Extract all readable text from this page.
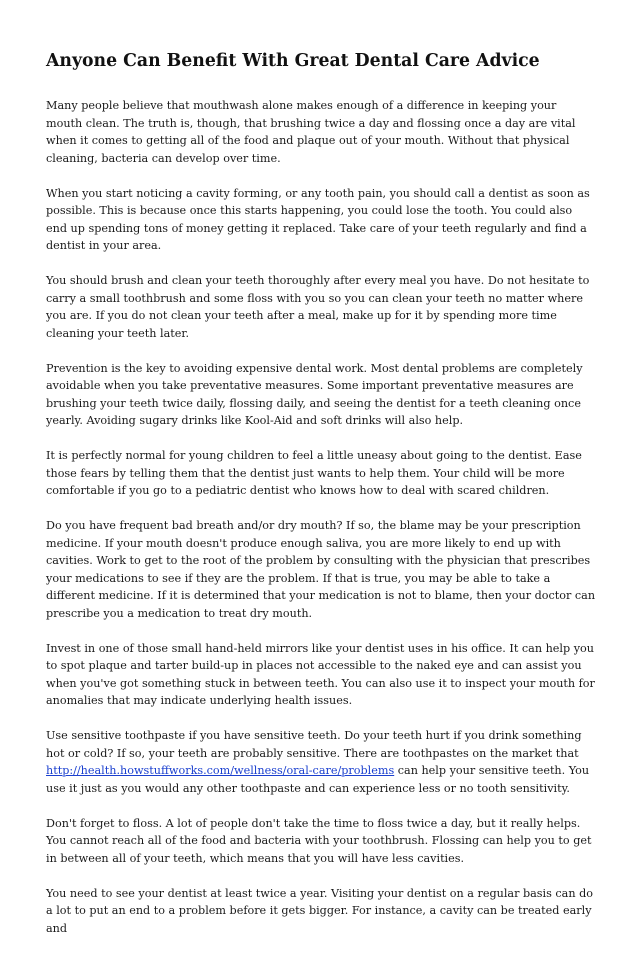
Anyone Can Benefit With Great Dental Care Advice

Many people believe that mouthwash alone makes enough of a difference in keeping your mouth clean. The truth is, though, that brushing twice a day and flossing once a day are vital when it comes to getting all of the food and plaque out of your mouth. Without that physical cleaning, bacteria can develop over time.

When you start noticing a cavity forming, or any tooth pain, you should call a dentist as soon as possible. This is because once this starts happening, you could lose the tooth. You could also end up spending tons of money getting it replaced. Take care of your teeth regularly and find a dentist in your area.

You should brush and clean your teeth thoroughly after every meal you have. Do not hesitate to carry a small toothbrush and some floss with you so you can clean your teeth no matter where you are. If you do not clean your teeth after a meal, make up for it by spending more time cleaning your teeth later.

Prevention is the key to avoiding expensive dental work. Most dental problems are completely avoidable when you take preventative measures. Some important preventative measures are brushing your teeth twice daily, flossing daily, and seeing the dentist for a teeth cleaning once yearly. Avoiding sugary drinks like Kool-Aid and soft drinks will also help.

It is perfectly normal for young children to feel a little uneasy about going to the dentist. Ease those fears by telling them that the dentist just wants to help them. Your child will be more comfortable if you go to a pediatric dentist who knows how to deal with scared children.

Do you have frequent bad breath and/or dry mouth? If so, the blame may be your prescription medicine. If your mouth doesn't produce enough saliva, you are more likely to end up with cavities. Work to get to the root of the problem by consulting with the physician that prescribes your medications to see if they are the problem. If that is true, you may be able to take a different medicine. If it is determined that your medication is not to blame, then your doctor can prescribe you a medication to treat dry mouth.

Invest in one of those small hand-held mirrors like your dentist uses in his office. It can help you to spot plaque and tarter build-up in places not accessible to the naked eye and can assist you when you've got something stuck in between teeth. You can also use it to inspect your mouth for anomalies that may indicate underlying health issues.

Use sensitive toothpaste if you have sensitive teeth. Do your teeth hurt if you drink something hot or cold? If so, your teeth are probably sensitive. There are toothpastes on the market that http://health.howstuffworks.com/wellness/oral-care/problems can help your sensitive teeth. You use it just as you would any other toothpaste and can experience less or no tooth sensitivity.

Don't forget to floss. A lot of people don't take the time to floss twice a day, but it really helps. You cannot reach all of the food and bacteria with your toothbrush. Flossing can help you to get in between all of your teeth, which means that you will have less cavities.

You need to see your dentist at least twice a year. Visiting your dentist on a regular basis can do a lot to put an end to a problem before it gets bigger. For instance, a cavity can be treated early and
